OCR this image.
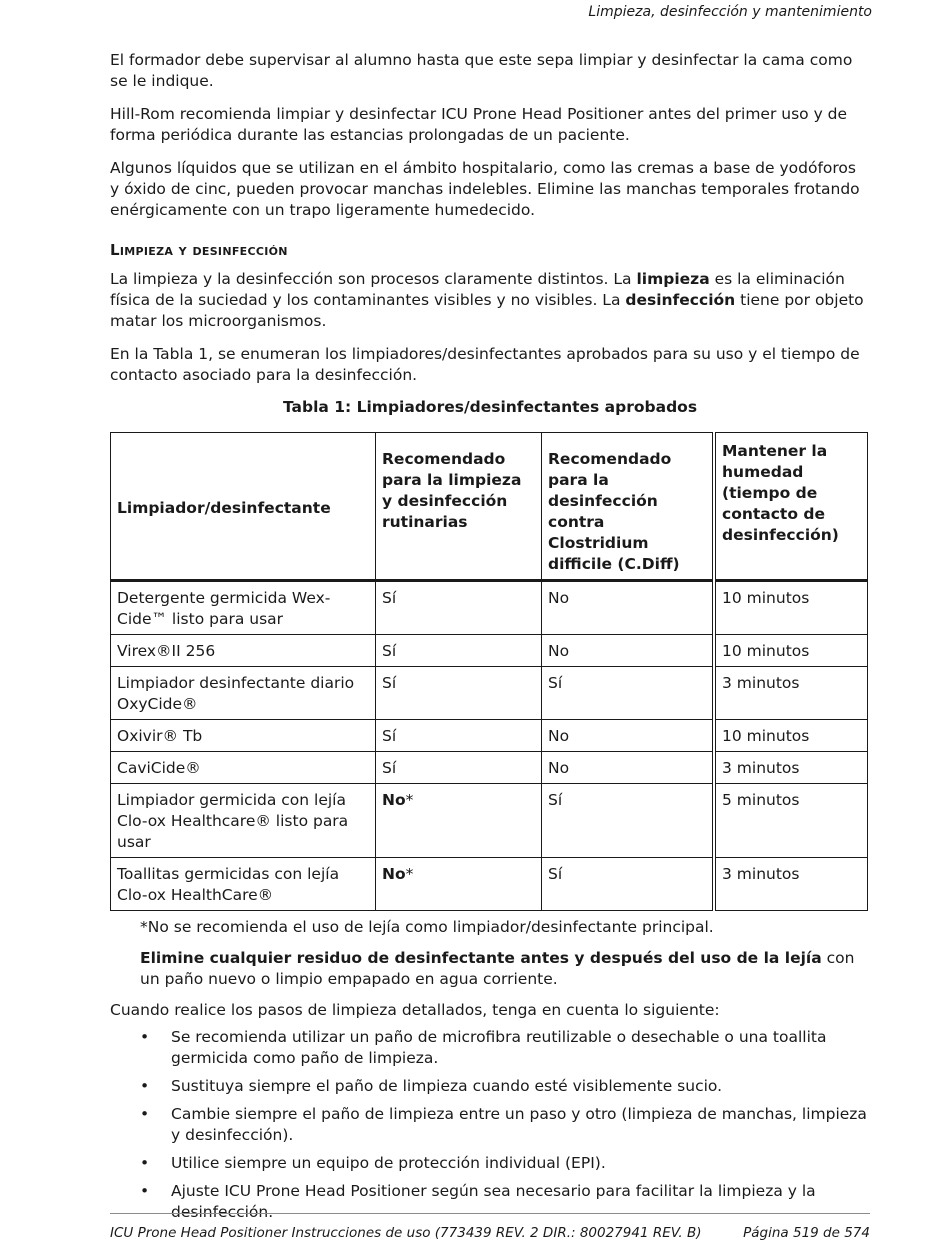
Limpieza, desinfección y mantenimiento

El formador debe supervisar al alumno hasta que este sepa limpiar y desinfectar la cama como se le indique.

Hill-Rom recomienda limpiar y desinfectar ICU Prone Head Positioner antes del primer uso y de forma periódica durante las estancias prolongadas de un paciente.

Algunos líquidos que se utilizan en el ámbito hospitalario, como las cremas a base de yodóforos y óxido de cinc, pueden provocar manchas indelebles. Elimine las manchas temporales frotando enérgicamente con un trapo ligeramente humedecido.

Limpieza y desinfección

La limpieza y la desinfección son procesos claramente distintos. La limpieza es la eliminación física de la suciedad y los contaminantes visibles y no visibles. La desinfección tiene por objeto matar los microorganismos.

En la Tabla 1, se enumeran los limpiadores/desinfectantes aprobados para su uso y el tiempo de contacto asociado para la desinfección.

Tabla 1: Limpiadores/desinfectantes aprobados
Limpiador/desinfectante	Recomendado para la limpieza y desinfección rutinarias	Recomendado para la desinfección contra Clostridium difficile (C.Diff)	Mantener la humedad (tiempo de contacto de desinfección)
Detergente germicida Wex-Cide™ listo para usar	Sí	No	10 minutos
Virex®II 256	Sí	No	10 minutos
Limpiador desinfectante diario OxyCide®	Sí	Sí	3 minutos
Oxivir® Tb	Sí	No	10 minutos
CaviCide®	Sí	No	3 minutos
Limpiador germicida con lejía Clo-ox Healthcare® listo para usar	No*	Sí	5 minutos
Toallitas germicidas con lejía Clo-ox HealthCare®	No*	Sí	3 minutos
*No se recomienda el uso de lejía como limpiador/desinfectante principal.
Elimine cualquier residuo de desinfectante antes y después del uso de la lejía con un paño nuevo o limpio empapado en agua corriente.
Cuando realice los pasos de limpieza detallados, tenga en cuenta lo siguiente:
• Se recomienda utilizar un paño de microfibra reutilizable o desechable o una toallita germicida como paño de limpieza.
• Sustituya siempre el paño de limpieza cuando esté visiblemente sucio.
• Cambie siempre el paño de limpieza entre un paso y otro (limpieza de manchas, limpieza y desinfección).
• Utilice siempre un equipo de protección individual (EPI).
• Ajuste ICU Prone Head Positioner según sea necesario para facilitar la limpieza y la desinfección.
ICU Prone Head Positioner Instrucciones de uso (773439 REV. 2 DIR.: 80027941 REV. B)	Página 519 de 574
